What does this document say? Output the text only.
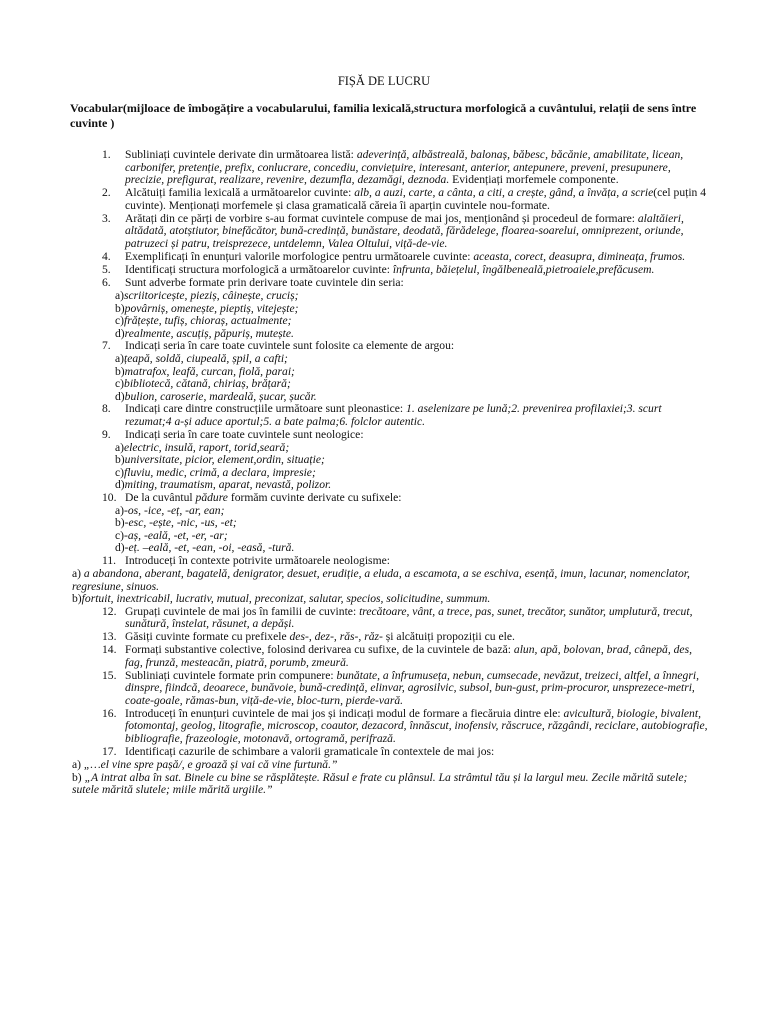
FIȘĂ DE LUCRU
Vocabular(mijloace de îmbogățire a vocabularului, familia lexicală,structura morfologică a cuvântului, relații de sens între cuvinte )
1.	Subliniați cuvintele derivate din următoarea listă: adeverință, albăstreală, balonaș, băbesc, băcănie, amabilitate, licean, carbonifer, pretenție, prefix, conlucrare, concediu, conviețuire, interesant, anterior, antepunere, preveni, presupunere, precizie, prefigurat, realizare, revenire, dezumfla, dezamăgi, deznoda. Evidențiați morfemele componente.
2.	Alcătuiți familia lexicală a următoarelor cuvinte: alb, a auzi, carte, a cânta, a citi, a crește, gând, a învăța, a scrie(cel puțin 4 cuvinte). Menționați morfemele și clasa gramaticală căreia îi aparțin cuvintele nou-formate.
3.	Arătați din ce părți de vorbire s-au format cuvintele compuse de mai jos, menționând și procedeul de formare: alaltăieri, altădată, atotștiutor, binefăcător, bună-credință, bunăstare, deodată, fărădelege, floarea-soarelui, omniprezent, oriunde, patruzeci și patru, treisprezece, untdelemn, Valea Oltului, viță-de-vie.
4.	Exemplificați în enunțuri valorile morfologice pentru următoarele cuvinte: aceasta, corect, deasupra, dimineața, frumos.
5.	Identificați structura morfologică a următoarelor cuvinte: înfrunta, băiețelul, îngălbeneală,pietroaiele,prefăcusem.
6.	Sunt adverbe formate prin derivare toate cuvintele din seria:
a)scriitoricește, pieziș, câinește, cruciș;
b)povârniș, omenește, pieptiș, vitejește;
c)frățește, tufiș, chioraș, actualmente;
d)realmente, ascuțiș, păpuriș, mutește.
7.	Indicați seria în care toate cuvintele sunt folosite ca elemente de argou:
a)țeapă, soldă, ciupeală, șpil, a cafti;
b)matrafox, leafă, curcan, fiolă, parai;
c)bibliotecă, cătană, chiriaș, brățară;
d)bulion, caroserie, mardeală, șucar, șucăr.
8.	Indicați care dintre construcțiile următoare sunt pleonastice: 1. aselenizare pe lună;2. prevenirea profilaxiei;3. scurt rezumat;4 a-și aduce aportul;5. a bate palma;6. folclor autentic.
9.	Indicați seria în care toate cuvintele sunt neologice:
a)electric, insulă, raport, torid,seară;
b)universitate, picior, element,ordin, situație;
c)fluviu, medic, crimă, a declara, impresie;
d)miting, traumatism, aparat, nevastă, polizor.
10. De la cuvântul pădure formăm cuvinte derivate cu sufixele:
a)-os, -ice, -eț, -ar, ean;
b)-esc, -ește, -nic, -us, -et;
c)-aș, -eală, -et, -er, -ar;
d)-eț. –eală, -et, -ean, -oi, -easă, -tură.
11. Introduceți în contexte potrivite următoarele neologisme:
a) a abandona, aberant, bagatelă, denigrator, desuet, erudiție, a eluda, a escamota, a se eschiva, esență, imun, lacunar, nomenclator, regresiune, sinuos.
b)fortuit, inextricabil, lucrativ, mutual, preconizat, salutar, specios, solicitudine, summum.
12. Grupați cuvintele de mai jos în familii de cuvinte: trecătoare, vânt, a trece, pas, sunet, trecător, sunător, umplutură, trecut, sunătură, înstelat, răsunet, a depăși.
13. Găsiți cuvinte formate cu prefixele des-, dez-, răs-, răz- și alcătuiți propoziții cu ele.
14. Formați substantive colective, folosind derivarea cu sufixe, de la cuvintele de bază: alun, apă, bolovan, brad, cânepă, des, fag, frunză, mesteacăn, piatră, porumb, zmeură.
15. Subliniați cuvintele formate prin compunere: bunătate, a înfrumuseța, nebun, cumsecade, nevăzut, treizeci, altfel, a înnegri, dinspre, fiindcă, deoarece, bunăvoie, bună-credință, elinvar, agrosilvic, subsol, bun-gust, prim-procuror, unsprezece-metri, coate-goale, rămas-bun, viță-de-vie, bloc-turn, pierde-vară.
16. Introduceți în enunțuri cuvintele de mai jos și indicați modul de formare a fiecăruia dintre ele: avicultură, biologie, bivalent, fotomontaj, geolog, litografie, microscop, coautor, dezacord, înnăscut, inofensiv, răscruce, răzgândi, reciclare, autobiografie, bibliografie, frazeologie, motonavă, ortogramă, perifrază.
17. Identificați cazurile de schimbare a valorii gramaticale în contextele de mai jos:
a) „…el vine spre pașă/, e groază și vai că vine furtună.”
b) „A intrat alba în sat. Binele cu bine se răsplătește. Răsul e frate cu plânsul. La strâmtul tău și la largul meu. Zecile mărită sutele; sutele mărită slutele; miile mărită urgiile.”
